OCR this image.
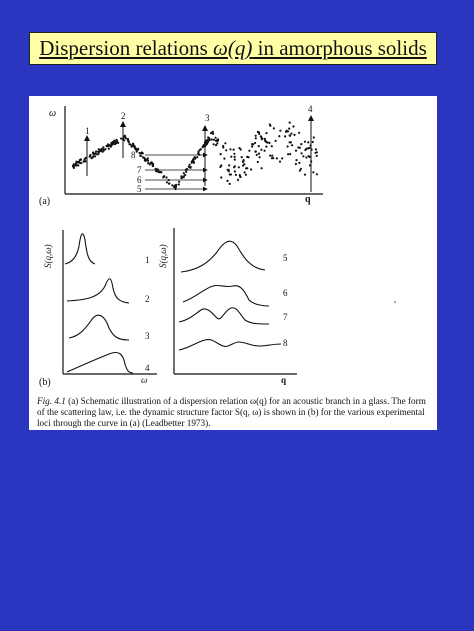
Dispersion relations ω(q) in amorphous solids
ω
q
(a)
1
2	3
4
8
7
6
5
S(q,ω)
ω
(b)
1
2
3
4
S(q,ω)
q
5
6
7
8
Fig. 4.1 (a) Schematic illustration of a dispersion relation ω(q) for an acoustic branch in a glass. The form of the scattering law, i.e. the dynamic structure factor S(q, ω) is shown in (b) for the various experimental loci through the curve in (a) (Leadbetter 1973).
